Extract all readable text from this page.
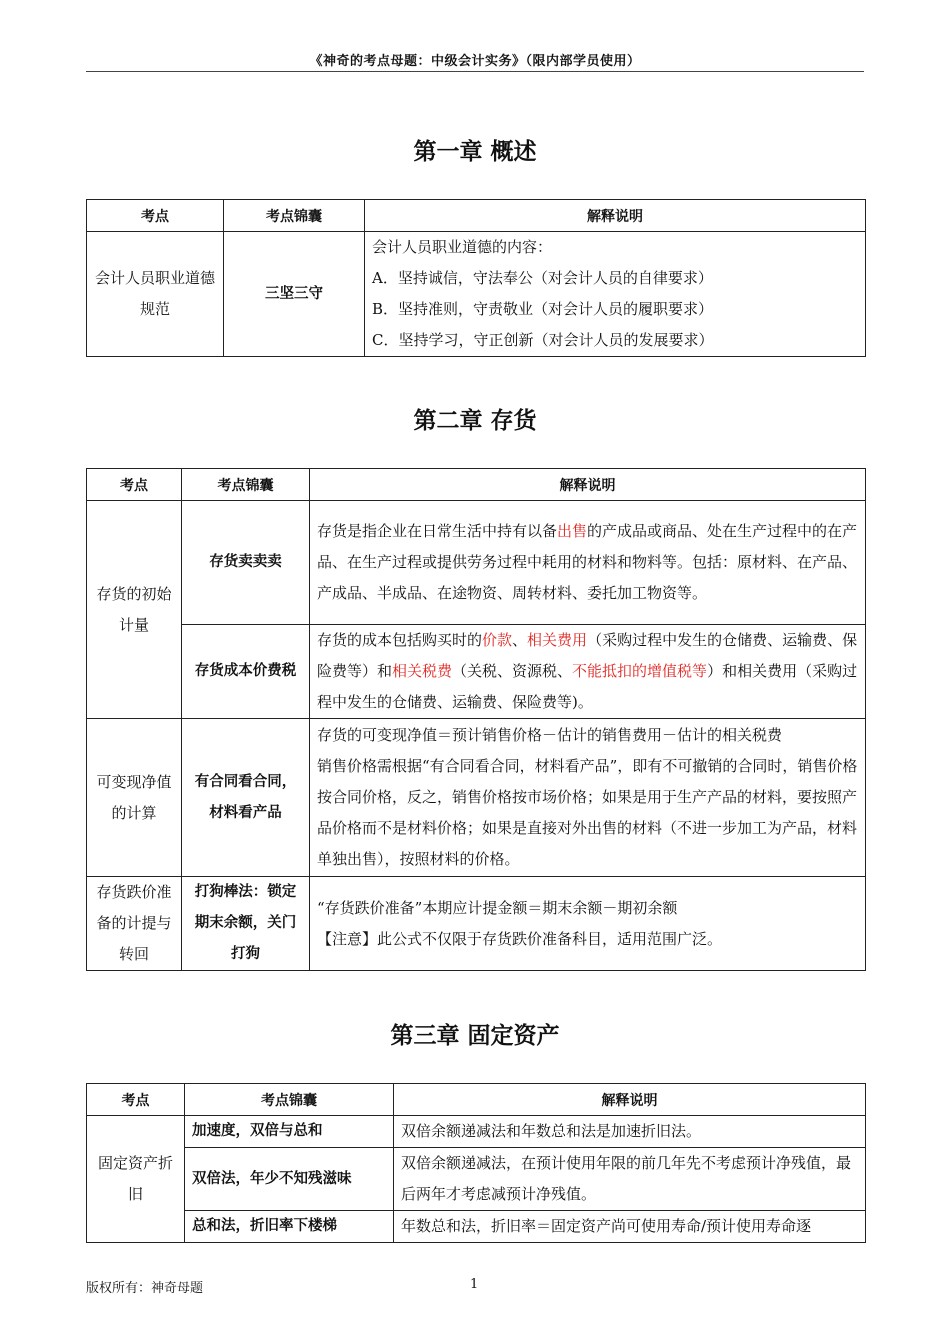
《神奇的考点母题：中级会计实务》（限内部学员使用）
第一章 概述
考点	考点锦囊	解释说明
会计人员职业道德规范	三坚三守	会计人员职业道德的内容：
A．坚持诚信，守法奉公（对会计人员的自律要求）
B．坚持准则，守责敬业（对会计人员的履职要求）
C．坚持学习，守正创新（对会计人员的发展要求）
第二章 存货
考点	考点锦囊	解释说明
存货的初始计量	存货卖卖卖	存货是指企业在日常生活中持有以备出售的产成品或商品、处在生产过程中的在产品、在生产过程或提供劳务过程中耗用的材料和物料等。包括：原材料、在产品、产成品、半成品、在途物资、周转材料、委托加工物资等。
	存货成本价费税	存货的成本包括购买时的价款、相关费用（采购过程中发生的仓储费、运输费、保险费等）和相关税费（关税、资源税、不能抵扣的增值税等）和相关费用（采购过程中发生的仓储费、运输费、保险费等)。
可变现净值的计算	有合同看合同，材料看产品	存货的可变现净值＝预计销售价格－估计的销售费用－估计的相关税费
销售价格需根据“有合同看合同，材料看产品”，即有不可撤销的合同时，销售价格按合同价格，反之，销售价格按市场价格；如果是用于生产产品的材料，要按照产品价格而不是材料价格；如果是直接对外出售的材料（不进一步加工为产品，材料单独出售），按照材料的价格。

存货跌价准备的计提与转回	打狗棒法：锁定期末余额，关门打狗	“存货跌价准备”本期应计提金额＝期末余额－期初余额
【注意】此公式不仅限于存货跌价准备科目，适用范围广泛。
第三章 固定资产
考点	考点锦囊	解释说明
固定资产折旧	加速度，双倍与总和	双倍余额递减法和年数总和法是加速折旧法。
	双倍法，年少不知残滋味	双倍余额递减法，在预计使用年限的前几年先不考虑预计净残值，最后两年才考虑减预计净残值。
	总和法，折旧率下楼梯	年数总和法，折旧率＝固定资产尚可使用寿命/预计使用寿命逐
版权所有：神奇母题	1
